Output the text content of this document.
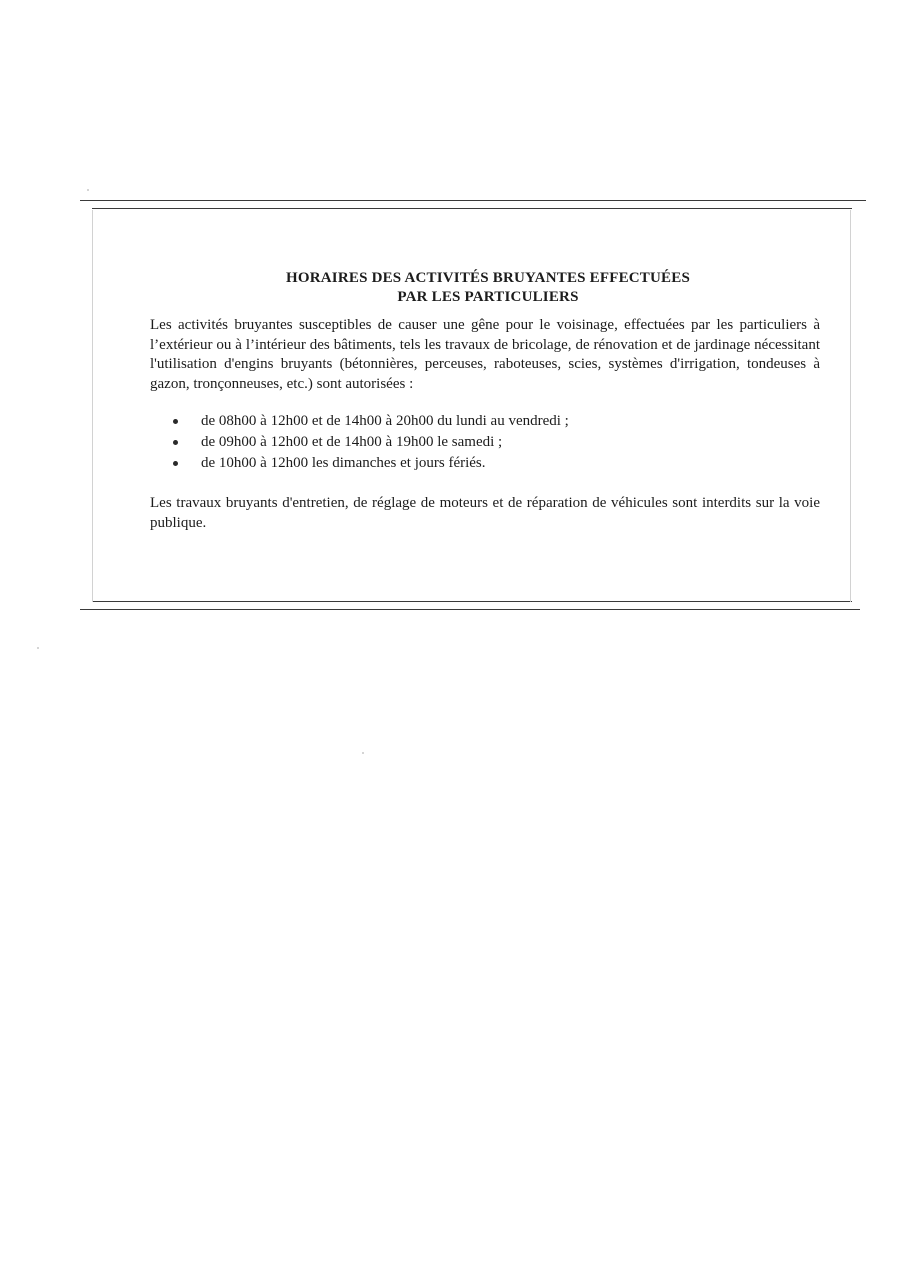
HORAIRES DES ACTIVITÉS BRUYANTES EFFECTUÉES
PAR LES PARTICULIERS

Les activités bruyantes susceptibles de causer une gêne pour le voisinage, effectuées par les particuliers à l’extérieur ou à l’intérieur des bâtiments, tels les travaux de bricolage, de rénovation et de jardinage nécessitant l'utilisation d'engins bruyants (bétonnières, perceuses, raboteuses, scies, systèmes d'irrigation, tondeuses à gazon, tronçonneuses, etc.) sont autorisées :

de 08h00 à 12h00 et de 14h00 à 20h00 du lundi au vendredi ;
de 09h00 à 12h00 et de 14h00 à 19h00 le samedi ;
de 10h00 à 12h00 les dimanches et jours fériés.

Les travaux bruyants d'entretien, de réglage de moteurs et de réparation de véhicules sont interdits sur la voie publique.
